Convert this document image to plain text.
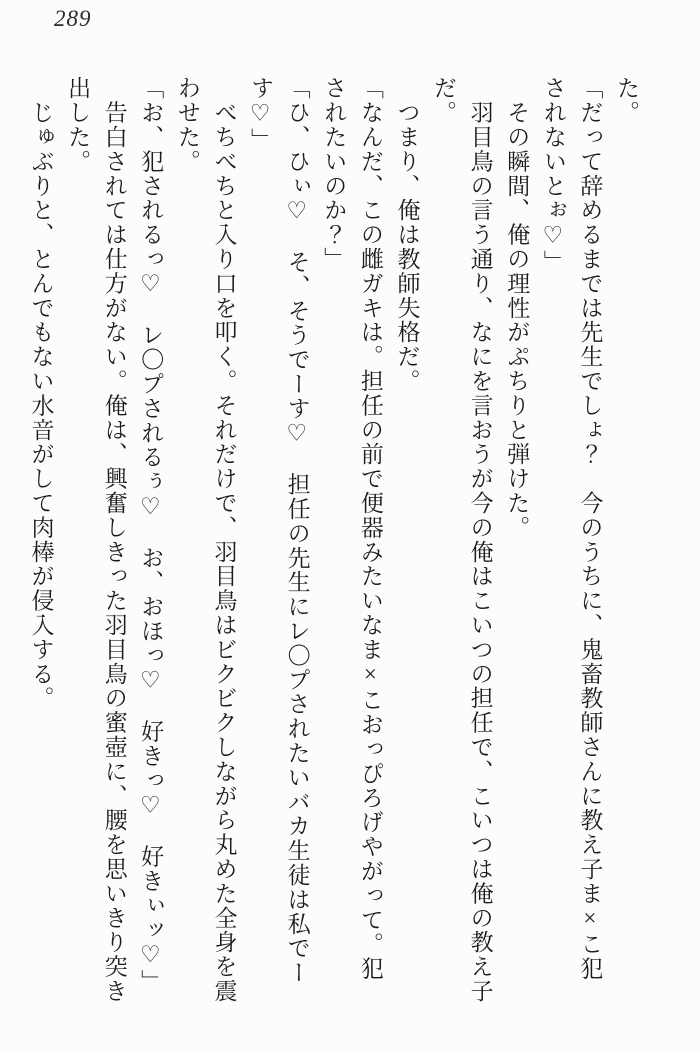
289

た。

「だって辞めるまでは先生でしょ？　今のうちに、鬼畜教師さんに教え子ま×こ犯されないとぉ♡」

　その瞬間、俺の理性がぷちりと弾けた。

　羽目鳥の言う通り、なにを言おうが今の俺はこいつの担任で、こいつは俺の教え子だ。

　つまり、俺は教師失格だ。

「なんだ、この雌ガキは。担任の前で便器みたいなま×こおっぴろげやがって。犯されたいのか？」

「ひ、ひぃ♡　そ、そうでーす♡　担任の先生にレ〇プされたいバカ生徒は私でーす♡」

　べちべちと入り口を叩く。それだけで、羽目鳥はビクビクしながら丸めた全身を震わせた。

「お、犯されるっ♡　レ〇プされるぅ♡　お、おほっ♡　好きっ♡　好きぃッ♡」

　告白されては仕方がない。俺は、興奮しきった羽目鳥の蜜壺に、腰を思いきり突き出した。

　じゅぶりと、とんでもない水音がして肉棒が侵入する。
